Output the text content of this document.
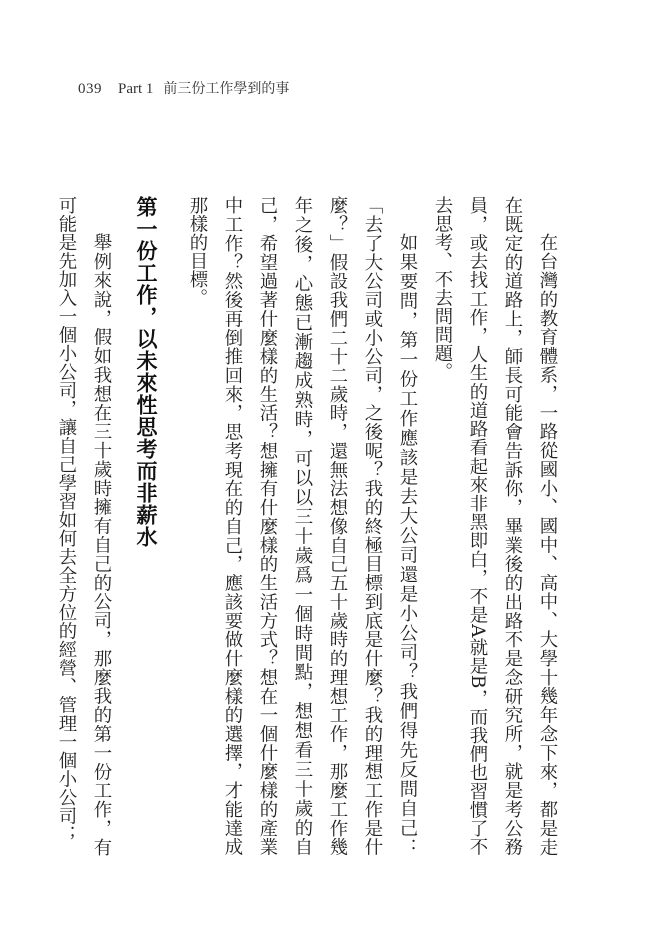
039 Part 1 前三份工作學到的事

在台灣的教育體系，一路從國小、國中、高中、大學十幾年念下來，都是走在既定的道路上，師長可能會告訴你，畢業後的出路不是念研究所，就是考公務員，或去找工作，人生的道路看起來非黑即白，不是A就是B，而我們也習慣了不去思考、不去問問題。

如果要問，第一份工作應該是去大公司還是小公司？我們得先反問自己：「去了大公司或小公司，之後呢？我的終極目標到底是什麼？我的理想工作是什麼？」假設我們二十二歲時，還無法想像自己五十歲時的理想工作，那麼工作幾年之後，心態已漸趨成熟時，可以以三十歲爲一個時間點，想想看三十歲的自己，希望過著什麼樣的生活？想擁有什麼樣的生活方式？想在一個什麼樣的產業中工作？然後再倒推回來，思考現在的自己，應該要做什麼樣的選擇，才能達成那樣的目標。

第一份工作，以未來性思考而非薪水

舉例來說，假如我想在三十歲時擁有自己的公司，那麼我的第一份工作，有可能是先加入一個小公司，讓自己學習如何去全方位的經營、管理一個小公司；
